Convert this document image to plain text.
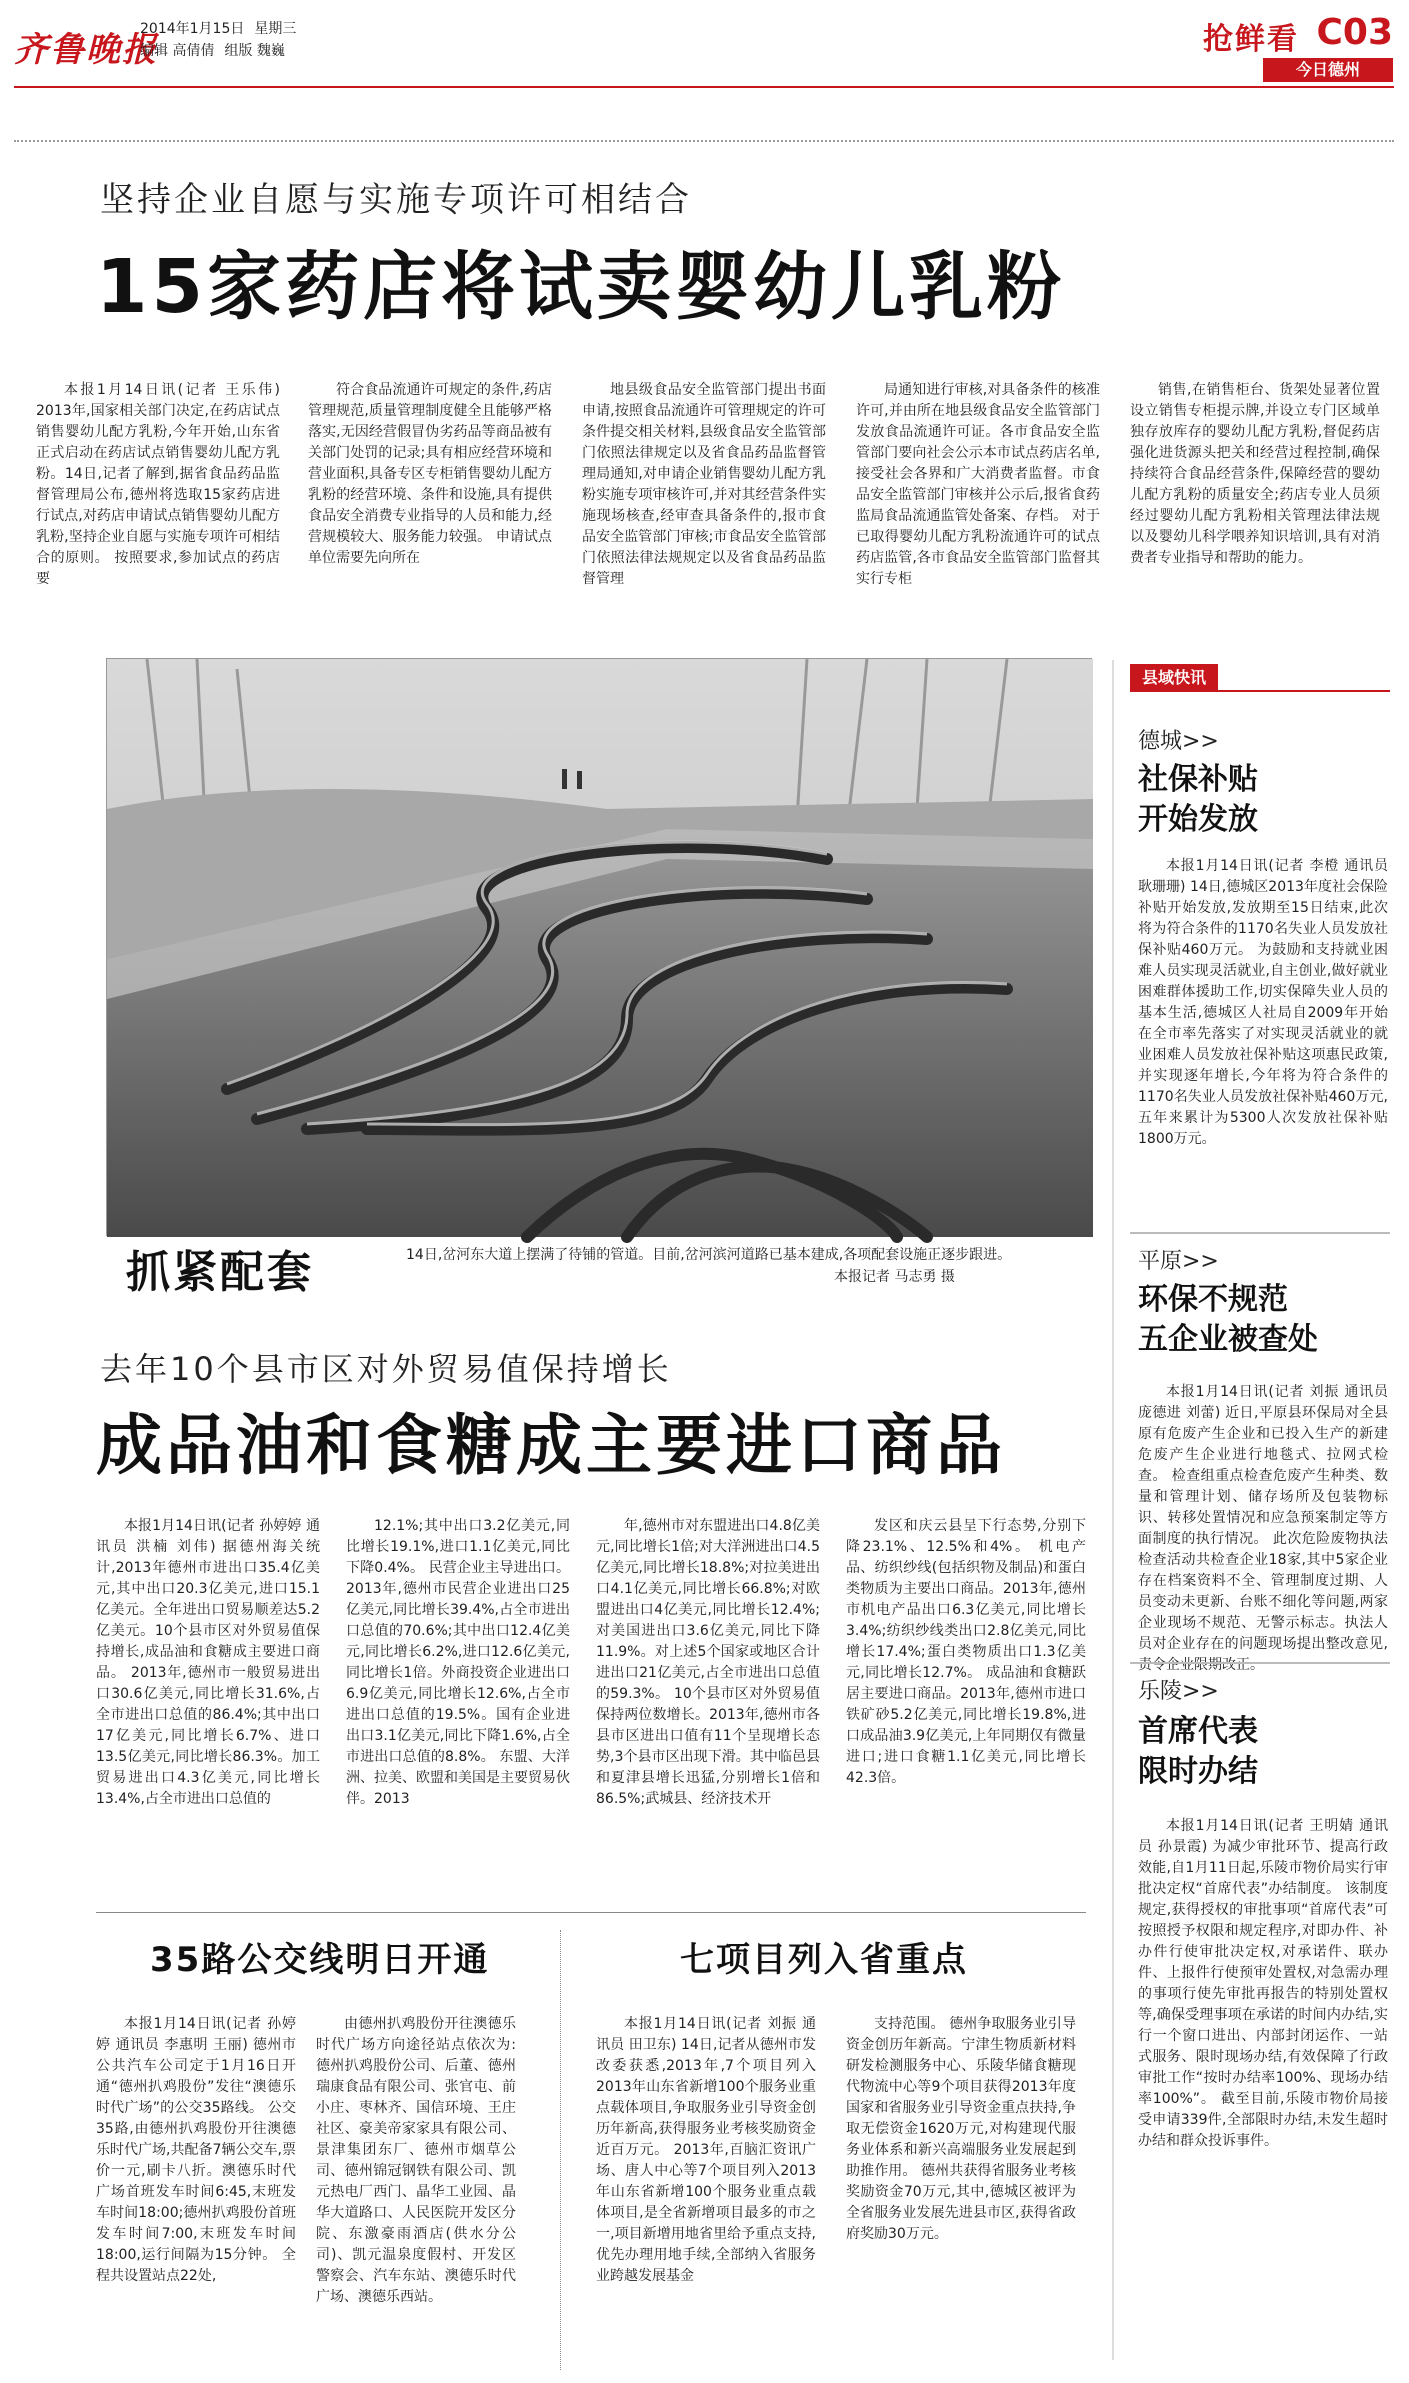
齐鲁晚报
2014年1月15日 星期三
编辑 高倩倩 组版 魏巍	抢鲜看 C03
今日德州
坚持企业自愿与实施专项许可相结合
15家药店将试卖婴幼儿乳粉

本报1月14日讯(记者 王乐伟) 2013年,国家相关部门决定,在药店试点销售婴幼儿配方乳粉,今年开始,山东省正式启动在药店试点销售婴幼儿配方乳粉。14日,记者了解到,据省食品药品监督管理局公布,德州将选取15家药店进行试点,对药店申请试点销售婴幼儿配方乳粉,坚持企业自愿与实施专项许可相结合的原则。 按照要求,参加试点的药店要

符合食品流通许可规定的条件,药店管理规范,质量管理制度健全且能够严格落实,无因经营假冒伪劣药品等商品被有关部门处罚的记录;具有相应经营环境和营业面积,具备专区专柜销售婴幼儿配方乳粉的经营环境、条件和设施,具有提供食品安全消费专业指导的人员和能力,经营规模较大、服务能力较强。 申请试点单位需要先向所在

地县级食品安全监管部门提出书面申请,按照食品流通许可管理规定的许可条件提交相关材料,县级食品安全监管部门依照法律规定以及省食品药品监督管理局通知,对申请企业销售婴幼儿配方乳粉实施专项审核许可,并对其经营条件实施现场核查,经审查具备条件的,报市食品安全监管部门审核;市食品安全监管部门依照法律法规规定以及省食品药品监督管理

局通知进行审核,对具备条件的核准许可,并由所在地县级食品安全监管部门发放食品流通许可证。各市食品安全监管部门要向社会公示本市试点药店名单,接受社会各界和广大消费者监督。市食品安全监管部门审核并公示后,报省食药监局食品流通监管处备案、存档。 对于已取得婴幼儿配方乳粉流通许可的试点药店监管,各市食品安全监管部门监督其实行专柜

销售,在销售柜台、货架处显著位置设立销售专柜提示牌,并设立专门区域单独存放库存的婴幼儿配方乳粉,督促药店强化进货源头把关和经营过程控制,确保持续符合食品经营条件,保障经营的婴幼儿配方乳粉的质量安全;药店专业人员须经过婴幼儿配方乳粉相关管理法律法规以及婴幼儿科学喂养知识培训,具有对消费者专业指导和帮助的能力。

抓紧配套	14日,岔河东大道上摆满了待铺的管道。目前,岔河滨河道路已基本建成,各项配套设施正逐步跟进。
本报记者 马志勇 摄
去年10个县市区对外贸易值保持增长
成品油和食糖成主要进口商品

本报1月14日讯(记者 孙婷婷 通讯员 洪楠 刘伟) 据德州海关统计,2013年德州市进出口35.4亿美元,其中出口20.3亿美元,进口15.1亿美元。全年进出口贸易顺差达5.2亿美元。10个县市区对外贸易值保持增长,成品油和食糖成主要进口商品。 2013年,德州市一般贸易进出口30.6亿美元,同比增长31.6%,占全市进出口总值的86.4%;其中出口17亿美元,同比增长6.7%、进口13.5亿美元,同比增长86.3%。加工贸易进出口4.3亿美元,同比增长13.4%,占全市进出口总值的

12.1%;其中出口3.2亿美元,同比增长19.1%,进口1.1亿美元,同比下降0.4%。 民营企业主导进出口。2013年,德州市民营企业进出口25亿美元,同比增长39.4%,占全市进出口总值的70.6%;其中出口12.4亿美元,同比增长6.2%,进口12.6亿美元,同比增长1倍。外商投资企业进出口6.9亿美元,同比增长12.6%,占全市进出口总值的19.5%。国有企业进出口3.1亿美元,同比下降1.6%,占全市进出口总值的8.8%。 东盟、大洋洲、拉美、欧盟和美国是主要贸易伙伴。2013

年,德州市对东盟进出口4.8亿美元,同比增长1倍;对大洋洲进出口4.5亿美元,同比增长18.8%;对拉美进出口4.1亿美元,同比增长66.8%;对欧盟进出口4亿美元,同比增长12.4%;对美国进出口3.6亿美元,同比下降11.9%。对上述5个国家或地区合计进出口21亿美元,占全市进出口总值的59.3%。 10个县市区对外贸易值保持两位数增长。2013年,德州市各县市区进出口值有11个呈现增长态势,3个县市区出现下滑。其中临邑县和夏津县增长迅猛,分别增长1倍和86.5%;武城县、经济技术开

发区和庆云县呈下行态势,分别下降23.1%、12.5%和4%。 机电产品、纺织纱线(包括织物及制品)和蛋白类物质为主要出口商品。2013年,德州市机电产品出口6.3亿美元,同比增长3.4%;纺织纱线类出口2.8亿美元,同比增长17.4%;蛋白类物质出口1.3亿美元,同比增长12.7%。 成品油和食糖跃居主要进口商品。2013年,德州市进口铁矿砂5.2亿美元,同比增长19.8%,进口成品油3.9亿美元,上年同期仅有微量进口;进口食糖1.1亿美元,同比增长42.3倍。

35路公交线明日开通

本报1月14日讯(记者 孙婷婷 通讯员 李惠明 王丽) 德州市公共汽车公司定于1月16日开通“德州扒鸡股份”发往“澳德乐时代广场”的公交35路线。 公交35路,由德州扒鸡股份开往澳德乐时代广场,共配备7辆公交车,票价一元,刷卡八折。澳德乐时代广场首班发车时间6:45,末班发车时间18:00;德州扒鸡股份首班发车时间7:00,末班发车时间18:00,运行间隔为15分钟。 全程共设置站点22处,

由德州扒鸡股份开往澳德乐时代广场方向途径站点依次为:德州扒鸡股份公司、后董、德州瑞康食品有限公司、张官屯、前小庄、枣林齐、国信环境、王庄社区、豪美帝家家具有限公司、景津集团东厂、德州市烟草公司、德州锦冠钢铁有限公司、凯元热电厂西门、晶华工业园、晶华大道路口、人民医院开发区分院、东激豪雨酒店(供水分公司)、凯元温泉度假村、开发区警察会、汽车东站、澳德乐时代广场、澳德乐西站。

七项目列入省重点

本报1月14日讯(记者 刘振 通讯员 田卫东) 14日,记者从德州市发改委获悉,2013年,7个项目列入2013年山东省新增100个服务业重点载体项目,争取服务业引导资金创历年新高,获得服务业考核奖励资金近百万元。 2013年,百脑汇资讯广场、唐人中心等7个项目列入2013年山东省新增100个服务业重点载体项目,是全省新增项目最多的市之一,项目新增用地省里给予重点支持,优先办理用地手续,全部纳入省服务业跨越发展基金

支持范围。 德州争取服务业引导资金创历年新高。宁津生物质新材料研发检测服务中心、乐陵华储食糖现代物流中心等9个项目获得2013年度国家和省服务业引导资金重点扶持,争取无偿资金1620万元,对构建现代服务业体系和新兴高端服务业发展起到助推作用。 德州共获得省服务业考核奖励资金70万元,其中,德城区被评为全省服务业发展先进县市区,获得省政府奖励30万元。

县域快讯
德城>>
社保补贴
开始发放

本报1月14日讯(记者 李橙 通讯员 耿珊珊) 14日,德城区2013年度社会保险补贴开始发放,发放期至15日结束,此次将为符合条件的1170名失业人员发放社保补贴460万元。 为鼓励和支持就业困难人员实现灵活就业,自主创业,做好就业困难群体援助工作,切实保障失业人员的基本生活,德城区人社局自2009年开始在全市率先落实了对实现灵活就业的就业困难人员发放社保补贴这项惠民政策,并实现逐年增长,今年将为符合条件的1170名失业人员发放社保补贴460万元,五年来累计为5300人次发放社保补贴1800万元。

平原>>
环保不规范
五企业被查处

本报1月14日讯(记者 刘振 通讯员 庞德进 刘蕾) 近日,平原县环保局对全县原有危废产生企业和已投入生产的新建危废产生企业进行地毯式、拉网式检查。 检查组重点检查危废产生种类、数量和管理计划、储存场所及包装物标识、转移处置情况和应急预案制定等方面制度的执行情况。 此次危险废物执法检查活动共检查企业18家,其中5家企业存在档案资料不全、管理制度过期、人员变动未更新、台账不细化等问题,两家企业现场不规范、无警示标志。执法人员对企业存在的问题现场提出整改意见,责令企业限期改正。

乐陵>>
首席代表
限时办结

本报1月14日讯(记者 王明婧 通讯员 孙景霞) 为减少审批环节、提高行政效能,自1月11日起,乐陵市物价局实行审批决定权“首席代表”办结制度。 该制度规定,获得授权的审批事项“首席代表”可按照授予权限和规定程序,对即办件、补办件行使审批决定权,对承诺件、联办件、上报件行使预审处置权,对急需办理的事项行使先审批再报告的特别处置权等,确保受理事项在承诺的时间内办结,实行一个窗口进出、内部封闭运作、一站式服务、限时现场办结,有效保障了行政审批工作“按时办结率100%、现场办结率100%”。 截至目前,乐陵市物价局接受申请339件,全部限时办结,未发生超时办结和群众投诉事件。
